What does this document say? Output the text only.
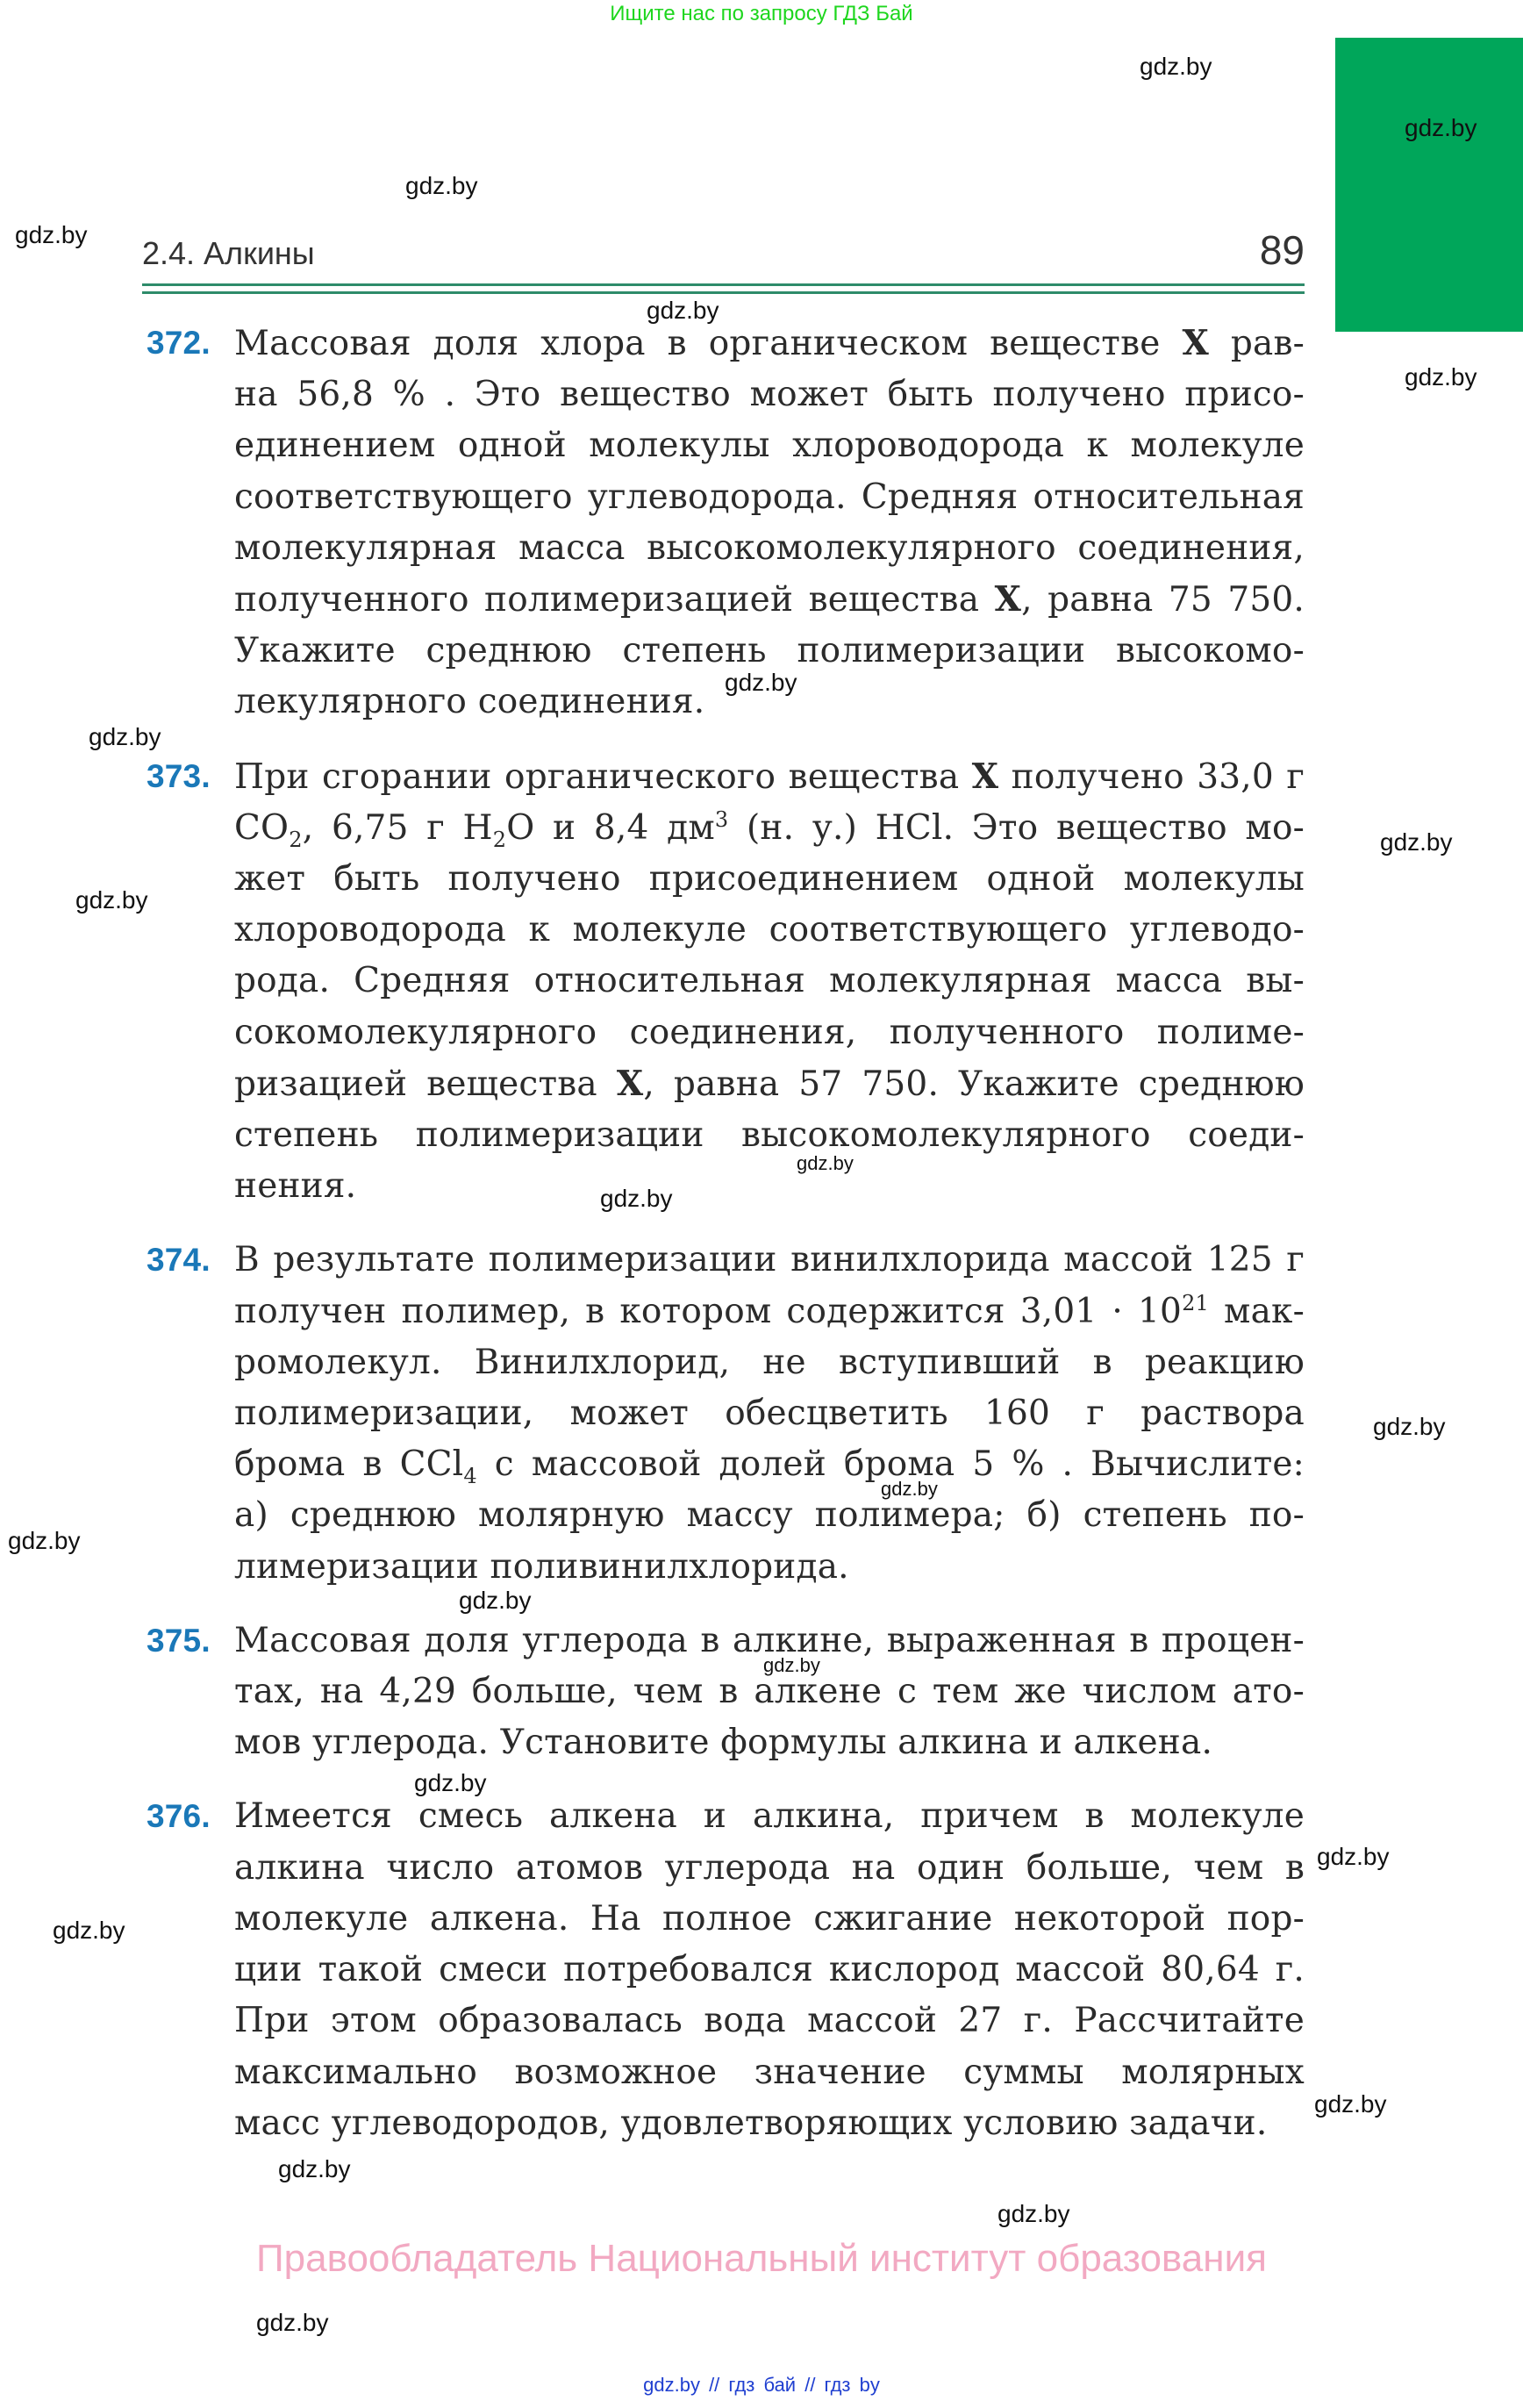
Ищите нас по запросу ГДЗ Бай
2.4. Алкины	89
372. Массовая доля хлора в органическом веществе X рав-
на 56,8 % . Это вещество может быть получено присо-
единением одной молекулы хлороводорода к молекуле
соответствующего углеводорода. Средняя относительная
молекулярная масса высокомолекулярного соединения,
полученного полимеризацией вещества X, равна 75 750.
Укажите среднюю степень полимеризации высокомо-
лекулярного соединения.
373. При сгорании органического вещества X получено 33,0 г
$CO_2$, 6,75 г $H_2O$ и 8,4 $дм^3$ (н. у.) HCl. Это вещество мо-
жет быть получено присоединением одной молекулы
хлороводорода к молекуле соответствующего углеводо-
рода. Средняя относительная молекулярная масса вы-
сокомолекулярного соединения, полученного полиме-
ризацией вещества X, равна 57 750. Укажите среднюю
степень полимеризации высокомолекулярного соеди-
нения.
374. В результате полимеризации винилхлорида массой 125 г
получен полимер, в котором содержится $3,01 \cdot 10^{21}$ мак-
ромолекул. Винилхлорид, не вступивший в реакцию
полимеризации, может обесцветить 160 г раствора
брома в CCl$_4$ с массовой долей брома 5 % . Вычислите:
а) среднюю молярную массу полимера; б) степень по-
лимеризации поливинилхлорида.
375. Массовая доля углерода в алкине, выраженная в процен-
тах, на 4,29 больше, чем в алкене с тем же числом ато-
мов углерода. Установите формулы алкина и алкена.
376. Имеется смесь алкена и алкина, причем в молекуле
алкина число атомов углерода на один больше, чем в
молекуле алкена. На полное сжигание некоторой пор-
ции такой смеси потребовался кислород массой 80,64 г.
При этом образовалась вода массой 27 г. Рассчитайте
максимально возможное значение суммы молярных
масс углеводородов, удовлетворяющих условию задачи.
gdz.by
gdz.by
gdz.by
gdz.by
gdz.by
gdz.by
gdz.by
gdz.by
gdz.by
gdz.by
gdz.by
gdz.by
gdz.by
gdz.by
gdz.by
gdz.by
gdz.by
gdz.by
gdz.by
gdz.by
gdz.by
gdz.by
gdz.by
gdz.by
Правообладатель Национальный институт образования
gdz.by // гдз бай // гдз by
